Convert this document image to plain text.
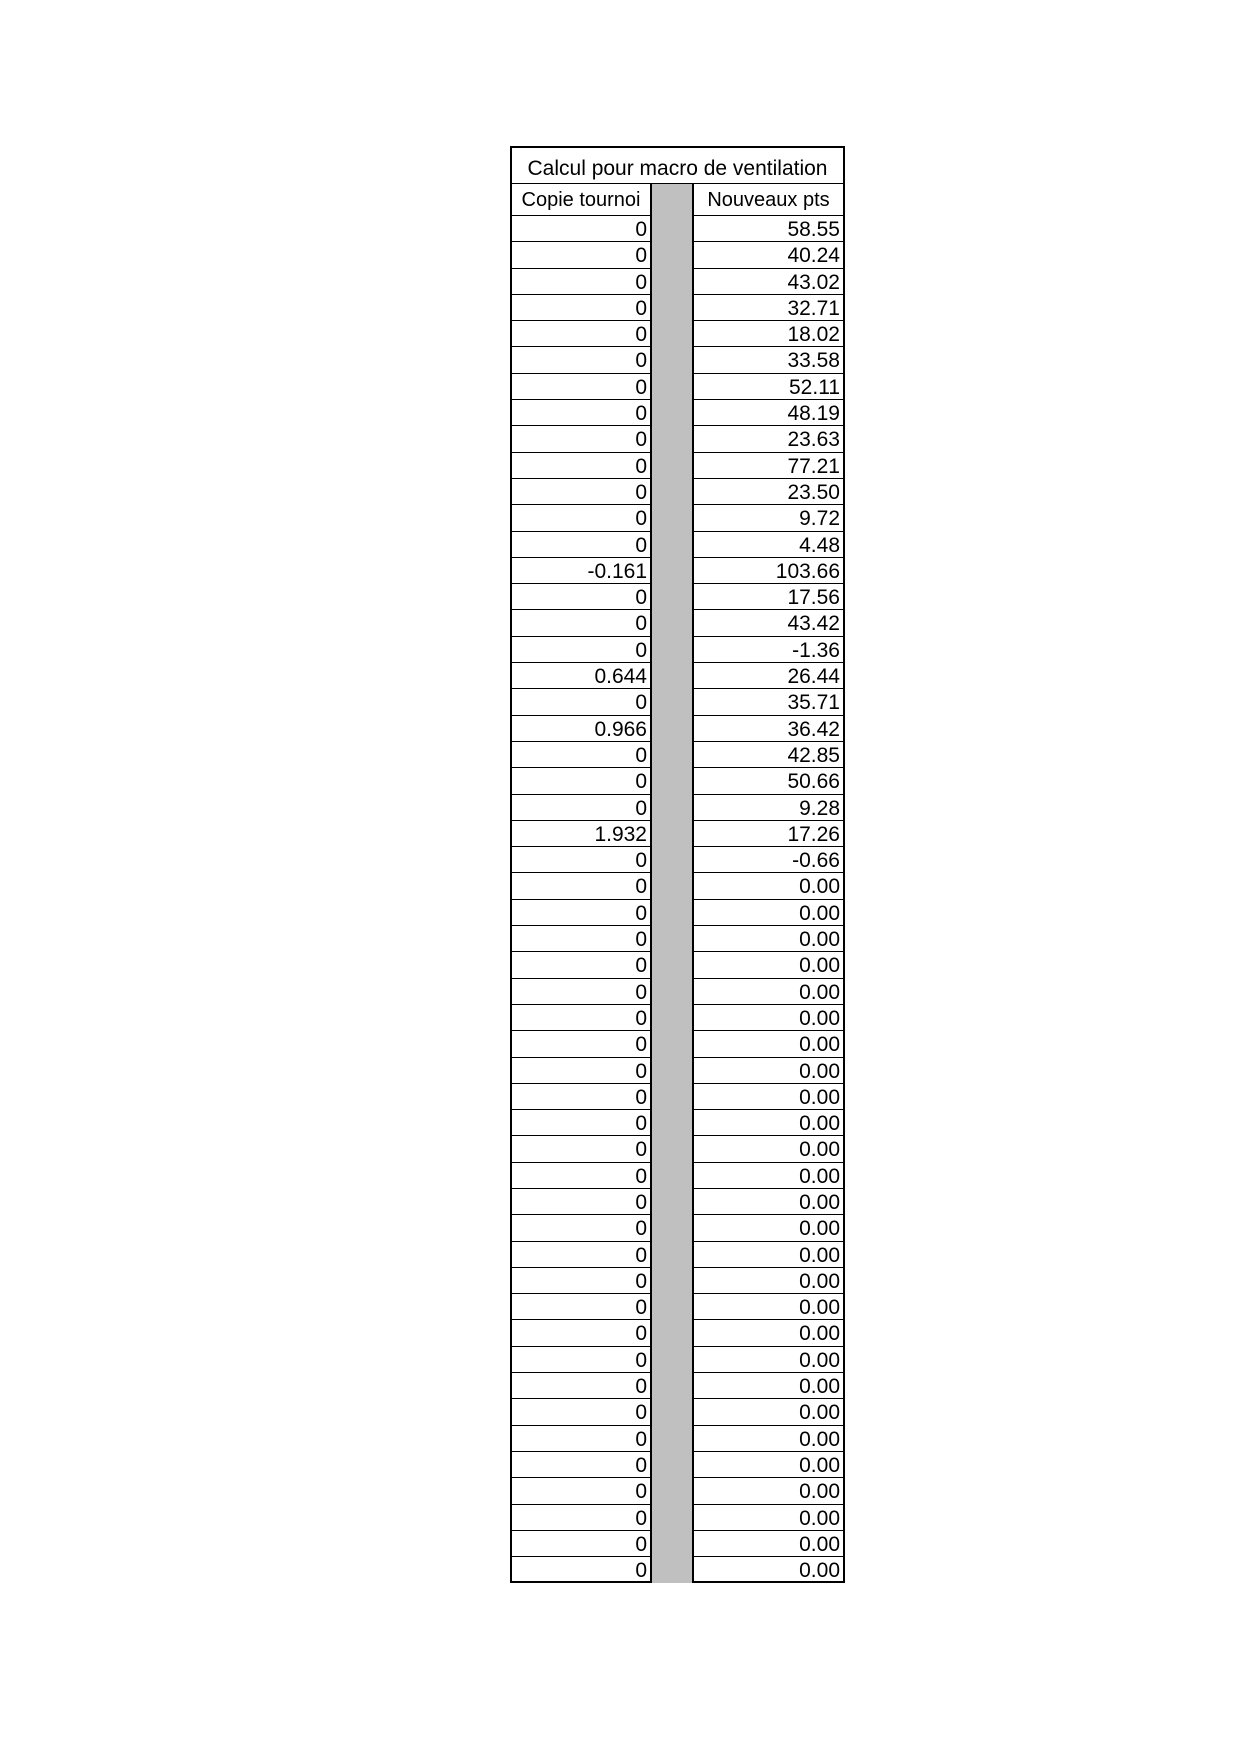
Calcul pour macro de ventilation
Copie tournoi	Nouveaux pts
0	58.55
0	40.24
0	43.02
0	32.71
0	18.02
0	33.58
0	52.11
0	48.19
0	23.63
0	77.21
0	23.50
0	9.72
0	4.48
-0.161	103.66
0	17.56
0	43.42
0	-1.36
0.644	26.44
0	35.71
0.966	36.42
0	42.85
0	50.66
0	9.28
1.932	17.26
0	-0.66
0	0.00
0	0.00
0	0.00
0	0.00
0	0.00
0	0.00
0	0.00
0	0.00
0	0.00
0	0.00
0	0.00
0	0.00
0	0.00
0	0.00
0	0.00
0	0.00
0	0.00
0	0.00
0	0.00
0	0.00
0	0.00
0	0.00
0	0.00
0	0.00
0	0.00
0	0.00
0	0.00
